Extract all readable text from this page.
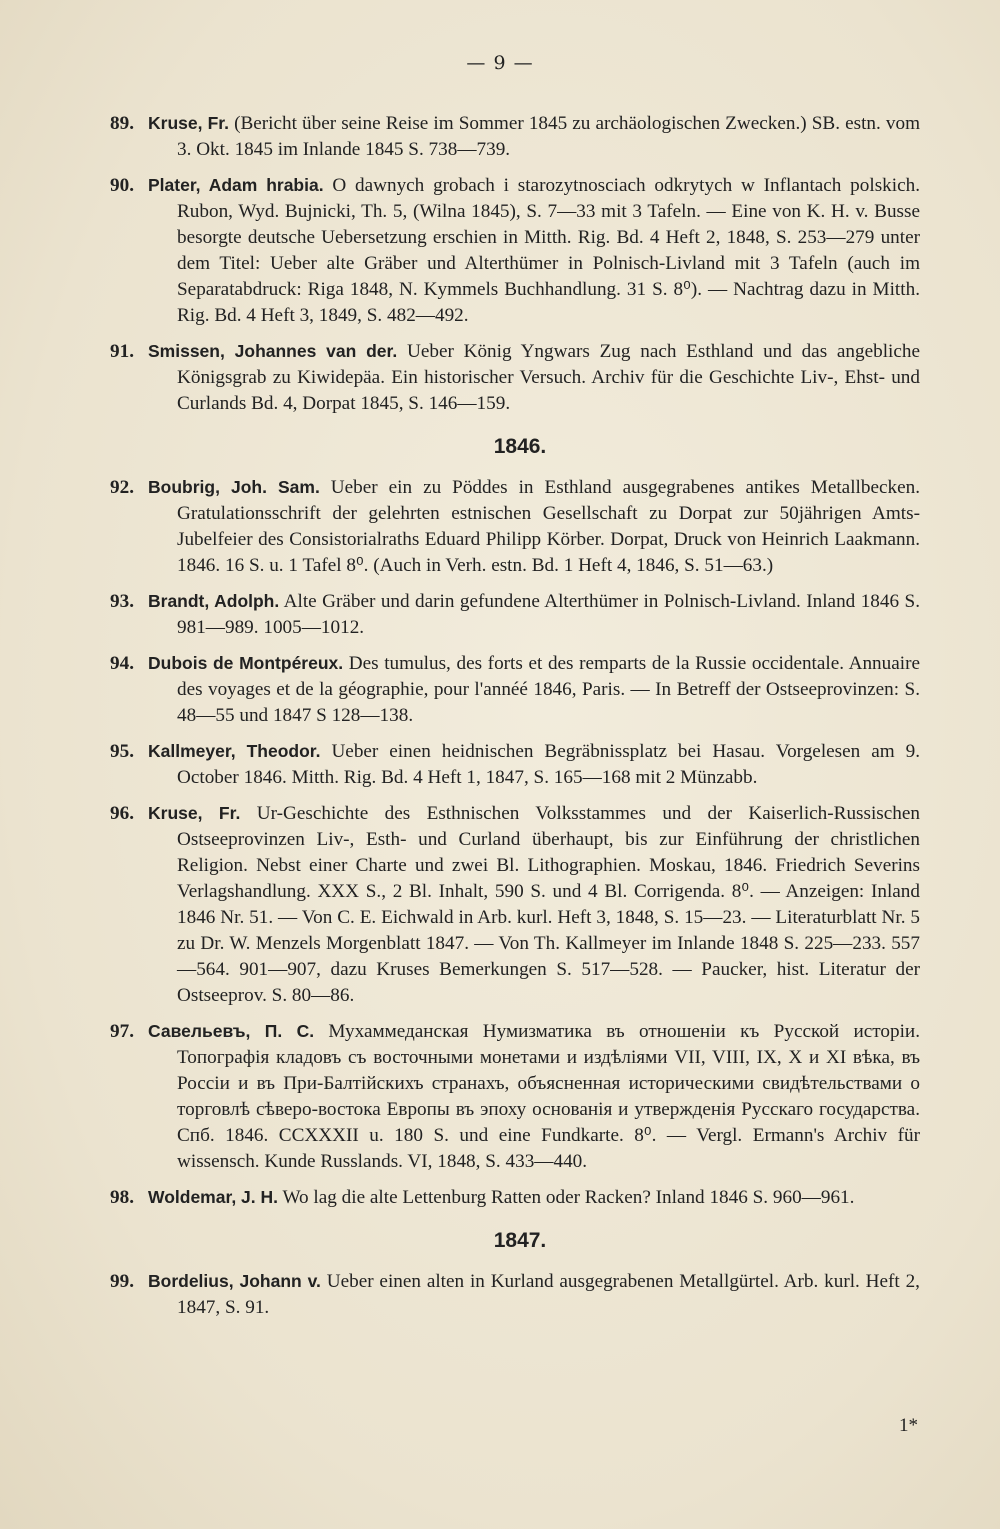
— 9 —

89. Kruse, Fr. (Bericht über seine Reise im Sommer 1845 zu archäologischen Zwecken.) SB. estn. vom 3. Okt. 1845 im Inlande 1845 S. 738—739.

90. Plater, Adam hrabia. O dawnych grobach i starozytnosciach odkrytych w Inflantach polskich. Rubon, Wyd. Bujnicki, Th. 5, (Wilna 1845), S. 7—33 mit 3 Tafeln. — Eine von K. H. v. Busse besorgte deutsche Uebersetzung erschien in Mitth. Rig. Bd. 4 Heft 2, 1848, S. 253—279 unter dem Titel: Ueber alte Gräber und Alterthümer in Polnisch-Livland mit 3 Tafeln (auch im Separatabdruck: Riga 1848, N. Kymmels Buchhandlung. 31 S. 8⁰). — Nachtrag dazu in Mitth. Rig. Bd. 4 Heft 3, 1849, S. 482—492.

91. Smissen, Johannes van der. Ueber König Yngwars Zug nach Esthland und das angebliche Königsgrab zu Kiwidepäa. Ein historischer Versuch. Archiv für die Geschichte Liv-, Ehst- und Curlands Bd. 4, Dorpat 1845, S. 146—159.

1846.

92. Boubrig, Joh. Sam. Ueber ein zu Pöddes in Esthland ausgegrabenes antikes Metallbecken. Gratulationsschrift der gelehrten estnischen Gesellschaft zu Dorpat zur 50jährigen Amts-Jubelfeier des Consistorialraths Eduard Philipp Körber. Dorpat, Druck von Heinrich Laakmann. 1846. 16 S. u. 1 Tafel 8⁰. (Auch in Verh. estn. Bd. 1 Heft 4, 1846, S. 51—63.)

93. Brandt, Adolph. Alte Gräber und darin gefundene Alterthümer in Polnisch-Livland. Inland 1846 S. 981—989. 1005—1012.

94. Dubois de Montpéreux. Des tumulus, des forts et des remparts de la Russie occidentale. Annuaire des voyages et de la géographie, pour l'annéé 1846, Paris. — In Betreff der Ostseeprovinzen: S. 48—55 und 1847 S 128—138.

95. Kallmeyer, Theodor. Ueber einen heidnischen Begräbnissplatz bei Hasau. Vorgelesen am 9. October 1846. Mitth. Rig. Bd. 4 Heft 1, 1847, S. 165—168 mit 2 Münzabb.

96. Kruse, Fr. Ur-Geschichte des Esthnischen Volksstammes und der Kaiserlich-Russischen Ostseeprovinzen Liv-, Esth- und Curland überhaupt, bis zur Einführung der christlichen Religion. Nebst einer Charte und zwei Bl. Lithographien. Moskau, 1846. Friedrich Severins Verlagshandlung. XXX S., 2 Bl. Inhalt, 590 S. und 4 Bl. Corrigenda. 8⁰. — Anzeigen: Inland 1846 Nr. 51. — Von C. E. Eichwald in Arb. kurl. Heft 3, 1848, S. 15—23. — Literaturblatt Nr. 5 zu Dr. W. Menzels Morgenblatt 1847. — Von Th. Kallmeyer im Inlande 1848 S. 225—233. 557—564. 901—907, dazu Kruses Bemerkungen S. 517—528. — Paucker, hist. Literatur der Ostseeprov. S. 80—86.

97. Савельевъ, П. С. Мухаммеданская Нумизматика въ отношенiи къ Русской исторiи. Топографiя кладовъ съ восточными монетами и издѣлiями VII, VIII, IX, X и XI вѣка, въ Россiи и въ При-Балтiйскихъ странахъ, объясненная историческими свидѣтельствами о торговлѣ сѣверо-востока Европы въ эпоху основанiя и утвержденiя Русскаго государства. Спб. 1846. CCXXXII u. 180 S. und eine Fundkarte. 8⁰. — Vergl. Ermann's Archiv für wissensch. Kunde Russlands. VI, 1848, S. 433—440.

98. Woldemar, J. H. Wo lag die alte Lettenburg Ratten oder Racken? Inland 1846 S. 960—961.

1847.

99. Bordelius, Johann v. Ueber einen alten in Kurland ausgegrabenen Metallgürtel. Arb. kurl. Heft 2, 1847, S. 91.

1*
